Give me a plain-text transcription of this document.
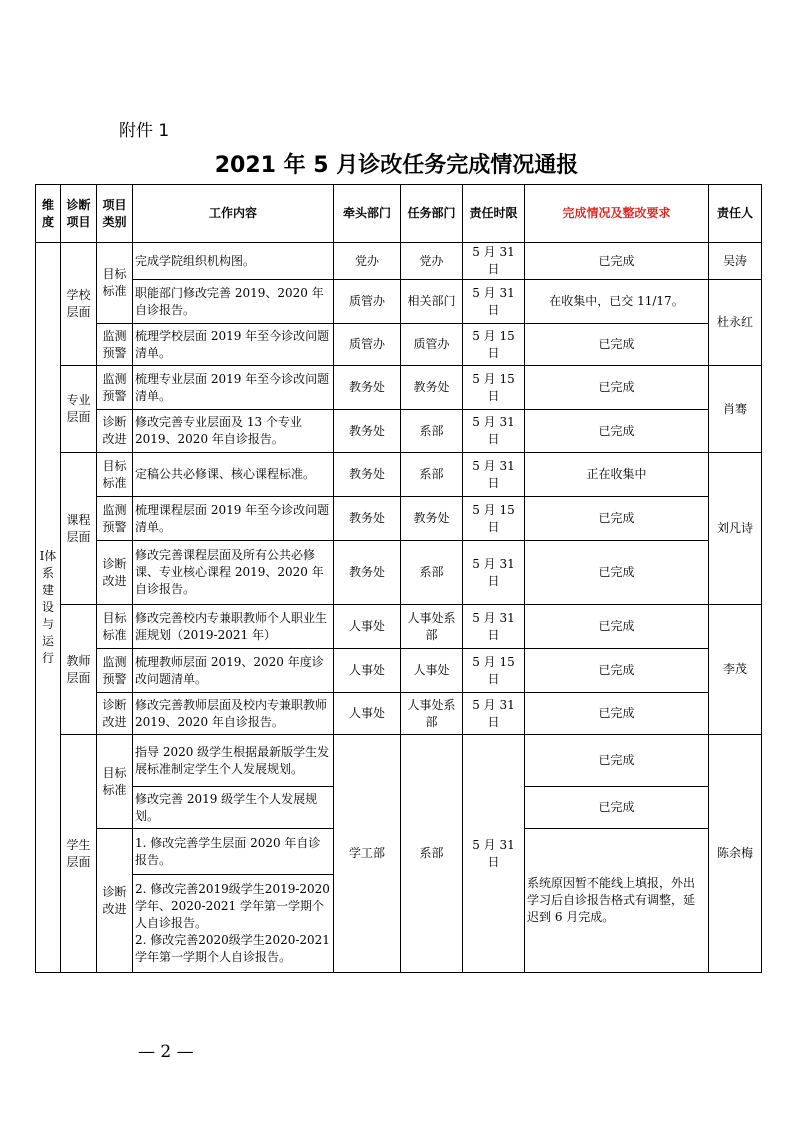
附件 1
2021 年 5 月诊改任务完成情况通报
维度	诊断项目	项目类别	工作内容	牵头部门	任务部门	责任时限	完成情况及整改要求	责任人
Ⅰ体系建设与运行	学校层面	目标标准	完成学院组织机构图。	党办	党办	5 月 31 日	已完成	吴涛
			职能部门修改完善 2019、2020 年自诊报告。	质管办	相关部门	5 月 31 日	在收集中，已交 11/17。	杜永红
		监测预警	梳理学校层面 2019 年至今诊改问题清单。	质管办	质管办	5 月 15 日	已完成	
	专业层面	监测预警	梳理专业层面 2019 年至今诊改问题清单。	教务处	教务处	5 月 15 日	已完成	肖骞
		诊断改进	修改完善专业层面及 13 个专业 2019、2020 年自诊报告。	教务处	系部	5 月 31 日	已完成	
	课程层面	目标标准	定稿公共必修课、核心课程标准。	教务处	系部	5 月 31 日	正在收集中	刘凡诗
		监测预警	梳理课程层面 2019 年至今诊改问题清单。	教务处	教务处	5 月 15 日	已完成	
		诊断改进	修改完善课程层面及所有公共必修课、专业核心课程 2019、2020 年自诊报告。	教务处	系部	5 月 31 日	已完成	
	教师层面	目标标准	修改完善校内专兼职教师个人职业生涯规划（2019-2021 年）	人事处	人事处系部	5 月 31 日	已完成	李茂
		监测预警	梳理教师层面 2019、2020 年度诊改问题清单。	人事处	人事处	5 月 15 日	已完成	
		诊断改进	修改完善教师层面及校内专兼职教师 2019、2020 年自诊报告。	人事处	人事处系部	5 月 31 日	已完成	
	学生层面	目标标准	指导 2020 级学生根据最新版学生发展标准制定学生个人发展规划。	学工部	系部	5 月 31 日	已完成	陈余梅
			修改完善 2019 级学生个人发展规划。				已完成	
		诊断改进	1. 修改完善学生层面 2020 年自诊报告。				系统原因暂不能线上填报，外出学习后自诊报告格式有调整，延迟到 6 月完成。	
			2. 修改完善2019级学生2019-2020学年、2020-2021 学年第一学期个人自诊报告。
2. 修改完善2020级学生2020-2021学年第一学期个人自诊报告。					
— 2 —
